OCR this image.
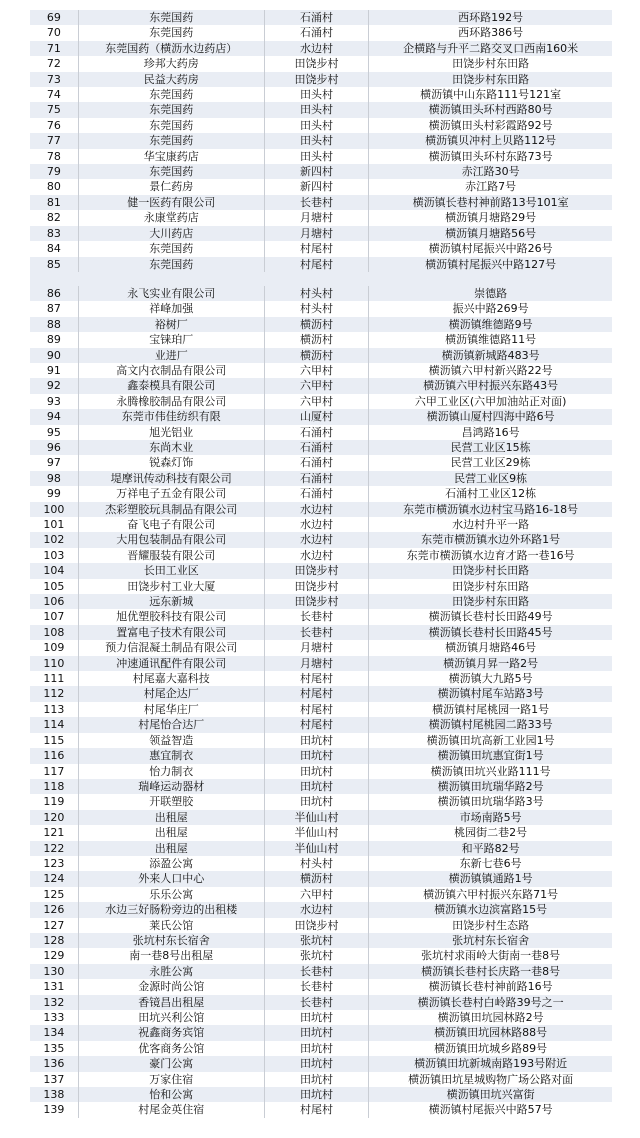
69	东莞国药	石涌村	西环路192号
70	东莞国药	石涌村	西环路386号
71	东莞国药（横沥水边药店）	水边村	企横路与升平二路交叉口西南160米
72	珍邦大药房	田饶步村	田饶步村东田路
73	民益大药房	田饶步村	田饶步村东田路
74	东莞国药	田头村	横沥镇中山东路111号121室
75	东莞国药	田头村	横沥镇田头环村西路80号
76	东莞国药	田头村	横沥镇田头村彩霞路92号
77	东莞国药	田头村	横沥镇贝冲村上贝路112号
78	华宝康药店	田头村	横沥镇田头环村东路73号
79	东莞国药	新四村	赤江路30号
80	景仁药房	新四村	赤江路7号
81	健一医药有限公司	长巷村	横沥镇长巷村神前路13号101室
82	永康堂药店	月塘村	横沥镇月塘路29号
83	大川药店	月塘村	横沥镇月塘路56号
84	东莞国药	村尾村	横沥镇村尾振兴中路26号
85	东莞国药	村尾村	横沥镇村尾振兴中路127号
86	永飞实业有限公司	村头村	崇德路
87	祥峰加强	村头村	振兴中路269号
88	裕树厂	横沥村	横沥镇维德路9号
89	宝铼珀厂	横沥村	横沥镇维德路11号
90	业进厂	横沥村	横沥镇新城路483号
91	高文内衣制品有限公司	六甲村	横沥镇六甲村新兴路22号
92	鑫泰模具有限公司	六甲村	横沥镇六甲村振兴东路43号
93	永腾橡胶制品有限公司	六甲村	六甲工业区(六甲加油站正对面)
94	东莞市伟佳纺织有限	山厦村	横沥镇山厦村四海中路6号
95	旭光铝业	石涌村	昌鸿路16号
96	东尚木业	石涌村	民营工业区15栋
97	锐森灯饰	石涌村	民营工业区29栋
98	堤摩讯传动科技有限公司	石涌村	民营工业区9栋
99	万祥电子五金有限公司	石涌村	石涌村工业区12栋
100	杰彩塑胶玩具制品有限公司	水边村	东莞市横沥镇水边村宝马路16-18号
101	奋飞电子有限公司	水边村	水边村升平一路
102	大用包装制品有限公司	水边村	东莞市横沥镇水边外环路1号
103	晋耀服装有限公司	水边村	东莞市横沥镇水边育才路一巷16号
104	长田工业区	田饶步村	田饶步村长田路
105	田饶步村工业大厦	田饶步村	田饶步村东田路
106	远东新城	田饶步村	田饶步村东田路
107	旭优塑胶科技有限公司	长巷村	横沥镇长巷村长田路49号
108	置富电子技术有限公司	长巷村	横沥镇长巷村长田路45号
109	预力信混凝土制品有限公司	月塘村	横沥镇月塘路46号
110	冲速通讯配件有限公司	月塘村	横沥镇月昇一路2号
111	村尾嘉大嘉科技	村尾村	横沥镇大九路5号
112	村尾企达厂	村尾村	横沥镇村尾车站路3号
113	村尾华庄厂	村尾村	横沥镇村尾桃园一路1号
114	村尾怡合达厂	村尾村	横沥镇村尾桃园二路33号
115	领益智造	田坑村	横沥镇田坑高新工业园1号
116	惠宜制衣	田坑村	横沥镇田坑惠宜街1号
117	怡力制衣	田坑村	横沥镇田坑兴业路111号
118	瑞峰运动器材	田坑村	横沥镇田坑瑞华路2号
119	开联塑胶	田坑村	横沥镇田坑瑞华路3号
120	出租屋	半仙山村	市场南路5号
121	出租屋	半仙山村	桃园街二巷2号
122	出租屋	半仙山村	和平路82号
123	添盈公寓	村头村	东新七巷6号
124	外来人口中心	横沥村	横沥镇镇通路1号
125	乐乐公寓	六甲村	横沥镇六甲村振兴东路71号
126	水边三好肠粉旁边的出租楼	水边村	横沥镇水边滨富路15号
127	莱氏公馆	田饶步村	田饶步村生态路
128	张坑村东长宿舍	张坑村	张坑村东长宿舍
129	南一巷8号出租屋	张坑村	张坑村求雨岭大街南一巷8号
130	永胜公寓	长巷村	横沥镇长巷村长庆路一巷8号
131	金源时尚公馆	长巷村	横沥镇长巷村神前路16号
132	香镜昌出租屋	长巷村	横沥镇长巷村白岭路39号之一
133	田坑兴利公馆	田坑村	横沥镇田坑园林路2号
134	祝鑫商务宾馆	田坑村	横沥镇田坑园林路88号
135	优客商务公馆	田坑村	横沥镇田坑城乡路89号
136	豪门公寓	田坑村	横沥镇田坑新城南路193号附近
137	万家住宿	田坑村	横沥镇田坑星城购物广场公路对面
138	怡和公寓	田坑村	横沥镇田坑兴富街
139	村尾金英住宿	村尾村	横沥镇村尾振兴中路57号
